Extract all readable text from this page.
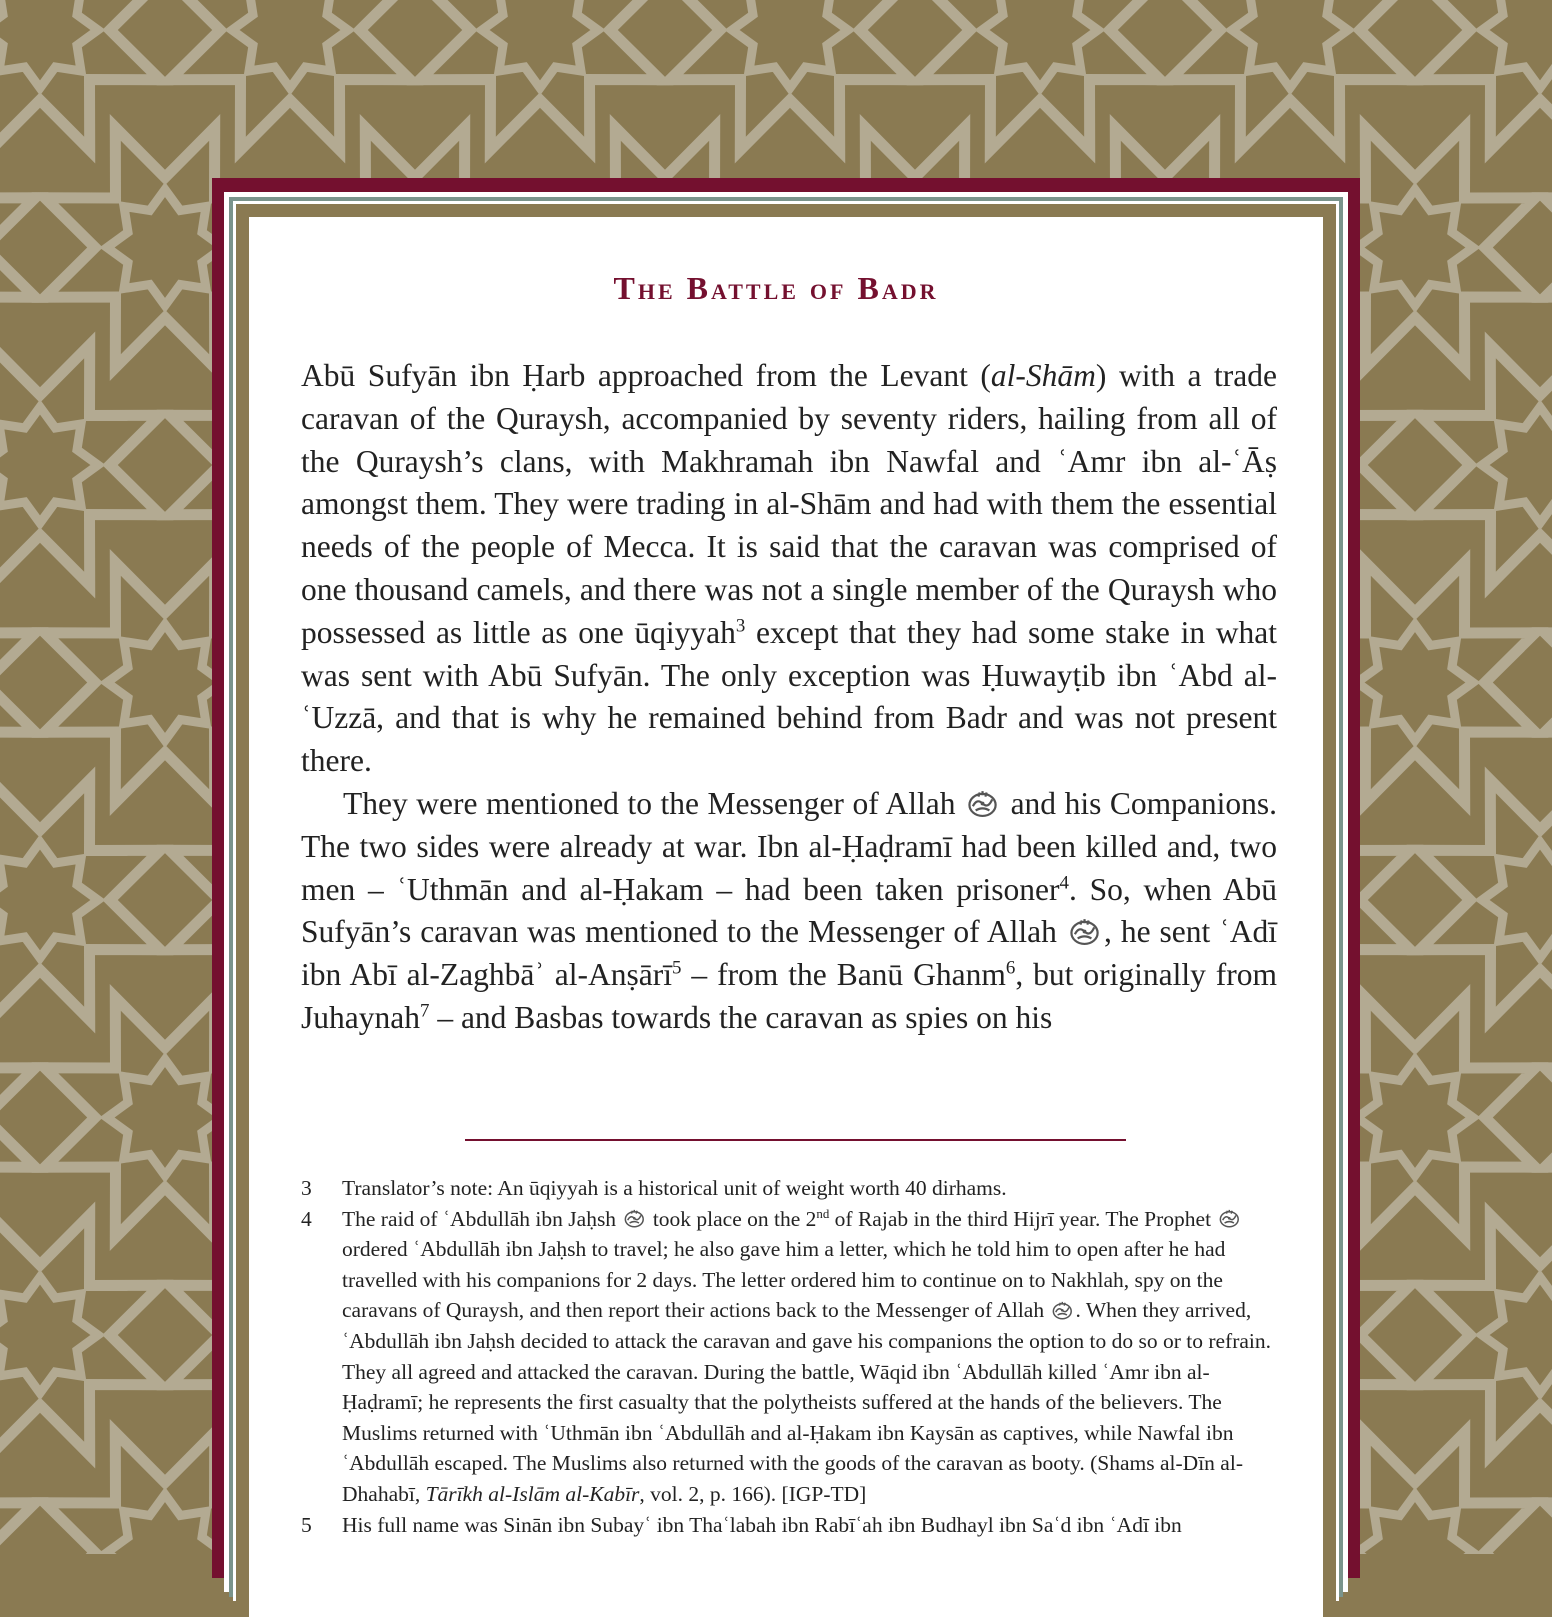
The Battle of Badr

Abū Sufyān ibn Ḥarb approached from the Levant (al-Shām) with a trade caravan of the Quraysh, accompanied by seventy riders, hailing from all of the Quraysh’s clans, with Makhramah ibn Nawfal and ʿAmr ibn al-ʿĀṣ amongst them. They were trading in al-Shām and had with them the essential needs of the people of Mecca. It is said that the caravan was comprised of one thousand camels, and there was not a single member of the Quraysh who possessed as little as one ūqiyyah$^3$ except that they had some stake in what was sent with Abū Sufyān. The only exception was Ḥuwayṭib ibn ʿAbd al-ʿUzzā, and that is why he remained behind from Badr and was not present there.

They were mentioned to the Messenger of Allah
and his Companions. The two sides were already at war. Ibn al-Ḥaḍramī had been killed and, two men – ʿUthmān and al-Ḥakam – had been taken prisoner$^4$. So, when Abū Sufyān’s caravan was mentioned to the Messenger of Allah
, he sent ʿAdī ibn Abī al-Zaghbāʾ al-Anṣārī$^5$ – from the Banū Ghanm$^6$, but originally from Juhaynah$^7$ – and Basbas towards the caravan as spies on his

3	Translator’s note: An ūqiyyah is a historical unit of weight worth 40 dirhams.
4	The raid of ʿAbdullāh ibn Jaḥsh
took place on the 2nd of Rajab in the third Hijrī year. The Prophet
ordered ʿAbdullāh ibn Jaḥsh to travel; he also gave him a letter, which he told him to open after he had travelled with his companions for 2 days. The letter ordered him to continue on to Nakhlah, spy on the caravans of Quraysh, and then report their actions back to the Messenger of Allah
. When they arrived, ʿAbdullāh ibn Jaḥsh decided to attack the caravan and gave his companions the option to do so or to refrain. They all agreed and attacked the caravan. During the battle, Wāqid ibn ʿAbdullāh killed ʿAmr ibn al-Ḥaḍramī; he represents the first casualty that the polytheists suffered at the hands of the believers. The Muslims returned with ʿUthmān ibn ʿAbdullāh and al-Ḥakam ibn Kaysān as captives, while Nawfal ibn ʿAbdullāh escaped. The Muslims also returned with the goods of the caravan as booty. (Shams al-Dīn al-Dhahabī, Tārīkh al-Islām al-Kabīr, vol. 2, p. 166). [IGP-TD]
5	His full name was Sinān ibn Subayʿ ibn Thaʿlabah ibn Rabīʿah ibn Budhayl ibn Saʿd ibn ʿAdī ibn
